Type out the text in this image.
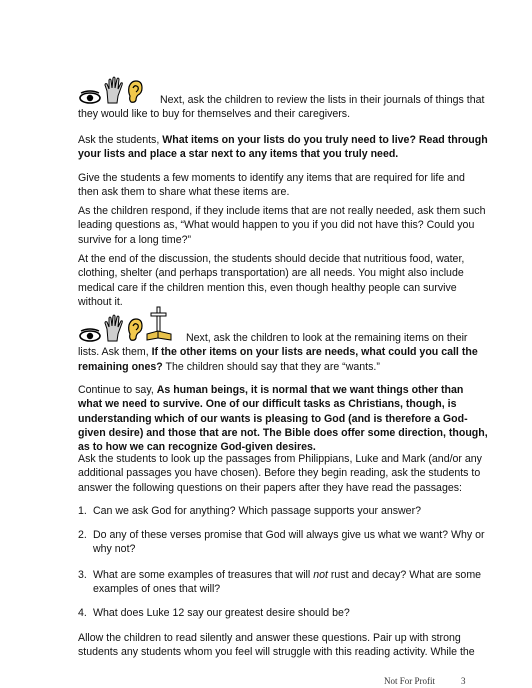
Next, ask the children to review the lists in their journals of things that they would like to buy for themselves and their caregivers.

Ask the students, What items on your lists do you truly need to live? Read through your lists and place a star next to any items that you truly need.

Give the students a few moments to identify any items that are required for life and then ask them to share what these items are.

As the children respond, if they include items that are not really needed, ask them such leading questions as, “What would happen to you if you did not have this? Could you survive for a long time?”

At the end of the discussion, the students should decide that nutritious food, water, clothing, shelter (and perhaps transportation) are all needs. You might also include medical care if the children mention this, even though healthy people can survive without it.

Next, ask the children to look at the remaining items on their lists. Ask them, If the other items on your lists are needs, what could you call the remaining ones? The children should say that they are “wants.”

Continue to say, As human beings, it is normal that we want things other than what we need to survive. One of our difficult tasks as Christians, though, is understanding which of our wants is pleasing to God (and is therefore a God-given desire) and those that are not. The Bible does offer some direction, though, as to how we can recognize God-given desires.

Ask the students to look up the passages from Philippians, Luke and Mark (and/or any additional passages you have chosen). Before they begin reading, ask the students to answer the following questions on their papers after they have read the passages:

1. Can we ask God for anything? Which passage supports your answer?
2. Do any of these verses promise that God will always give us what we want? Why or why not?
3. What are some examples of treasures that will not rust and decay? What are some examples of ones that will?
4. What does Luke 12 say our greatest desire should be?

Allow the children to read silently and answer these questions. Pair up with strong students any students whom you feel will struggle with this reading activity. While the

Not For Profit	3
